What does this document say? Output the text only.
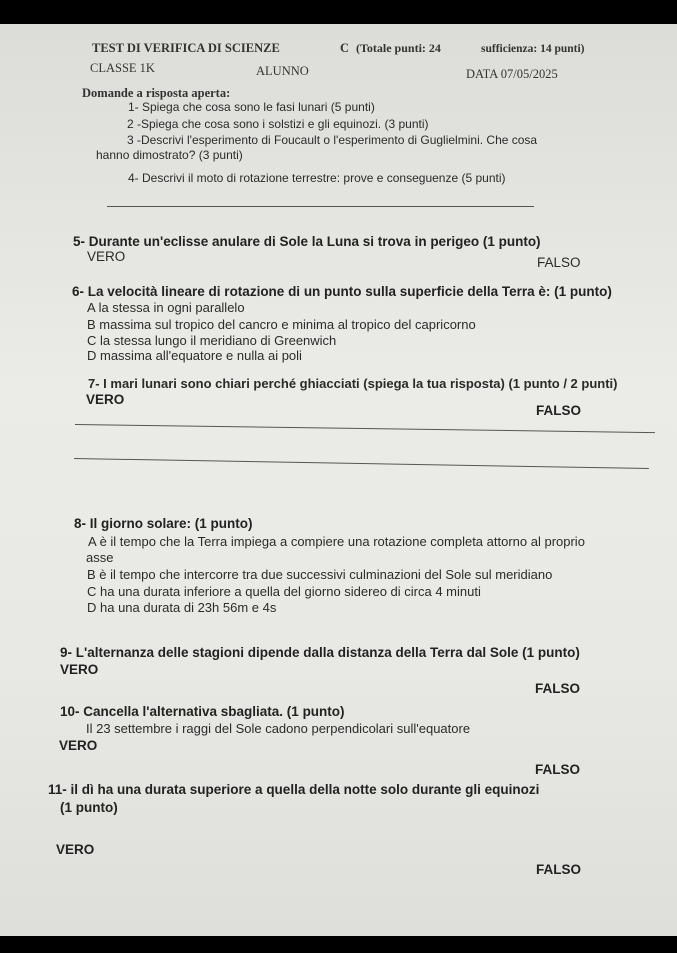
TEST DI VERIFICA DI SCIENZE	C (Totale punti: 24	sufficienza: 14 punti)
CLASSE 1K	ALUNNO	DATA 07/05/2025
Domande a risposta aperta:
1- Spiega che cosa sono le fasi lunari (5 punti)
2 -Spiega che cosa sono i solstizi e gli equinozi. (3 punti)
3 -Descrivi l'esperimento di Foucault o l'esperimento di Guglielmini. Che cosa
hanno dimostrato? (3 punti)
4- Descrivi il moto di rotazione terrestre: prove e conseguenze (5 punti)
5- Durante un'eclisse anulare di Sole la Luna si trova in perigeo (1 punto)
VERO	FALSO
6- La velocità lineare di rotazione di un punto sulla superficie della Terra è: (1 punto)
A la stessa in ogni parallelo
B massima sul tropico del cancro e minima al tropico del capricorno
C la stessa lungo il meridiano di Greenwich
D massima all'equatore e nulla ai poli
7- I mari lunari sono chiari perché ghiacciati (spiega la tua risposta) (1 punto / 2 punti)
VERO
FALSO
8- Il giorno solare: (1 punto)
A è il tempo che la Terra impiega a compiere una rotazione completa attorno al proprio
asse
B è il tempo che intercorre tra due successivi culminazioni del Sole sul meridiano
C ha una durata inferiore a quella del giorno sidereo di circa 4 minuti
D ha una durata di 23h 56m e 4s
9- L'alternanza delle stagioni dipende dalla distanza della Terra dal Sole (1 punto)
VERO
FALSO
10- Cancella l'alternativa sbagliata. (1 punto)
Il 23 settembre i raggi del Sole cadono perpendicolari sull'equatore
VERO
FALSO
11- il dì ha una durata superiore a quella della notte solo durante gli equinozi
(1 punto)
VERO
FALSO
